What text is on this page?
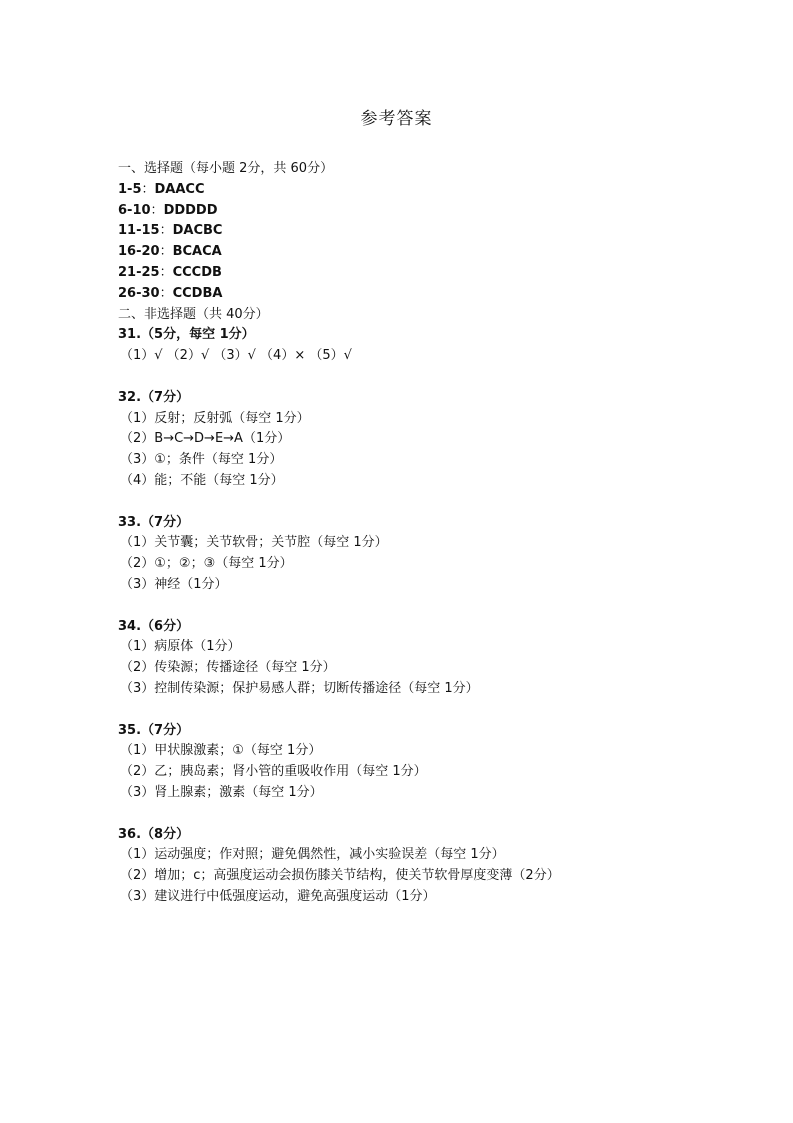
参考答案
一、选择题（每小题 2分，共 60分）
1-5：DAACC
6-10：DDDDD
11-15：DACBC
16-20：BCACA
21-25：CCCDB
26-30：CCDBA
二、非选择题（共 40分）
31.（5分，每空 1分）
（1）√ （2）√ （3）√ （4）× （5）√
32.（7分）
（1）反射；反射弧（每空 1分）
（2）B→C→D→E→A（1分）
（3）①；条件（每空 1分）
（4）能；不能（每空 1分）
33.（7分）
（1）关节囊；关节软骨；关节腔（每空 1分）
（2）①；②；③（每空 1分）
（3）神经（1分）
34.（6分）
（1）病原体（1分）
（2）传染源；传播途径（每空 1分）
（3）控制传染源；保护易感人群；切断传播途径（每空 1分）
35.（7分）
（1）甲状腺激素；①（每空 1分）
（2）乙；胰岛素；肾小管的重吸收作用（每空 1分）
（3）肾上腺素；激素（每空 1分）
36.（8分）
（1）运动强度；作对照；避免偶然性，减小实验误差（每空 1分）
（2）增加；c；高强度运动会损伤膝关节结构，使关节软骨厚度变薄（2分）
（3）建议进行中低强度运动，避免高强度运动（1分）
